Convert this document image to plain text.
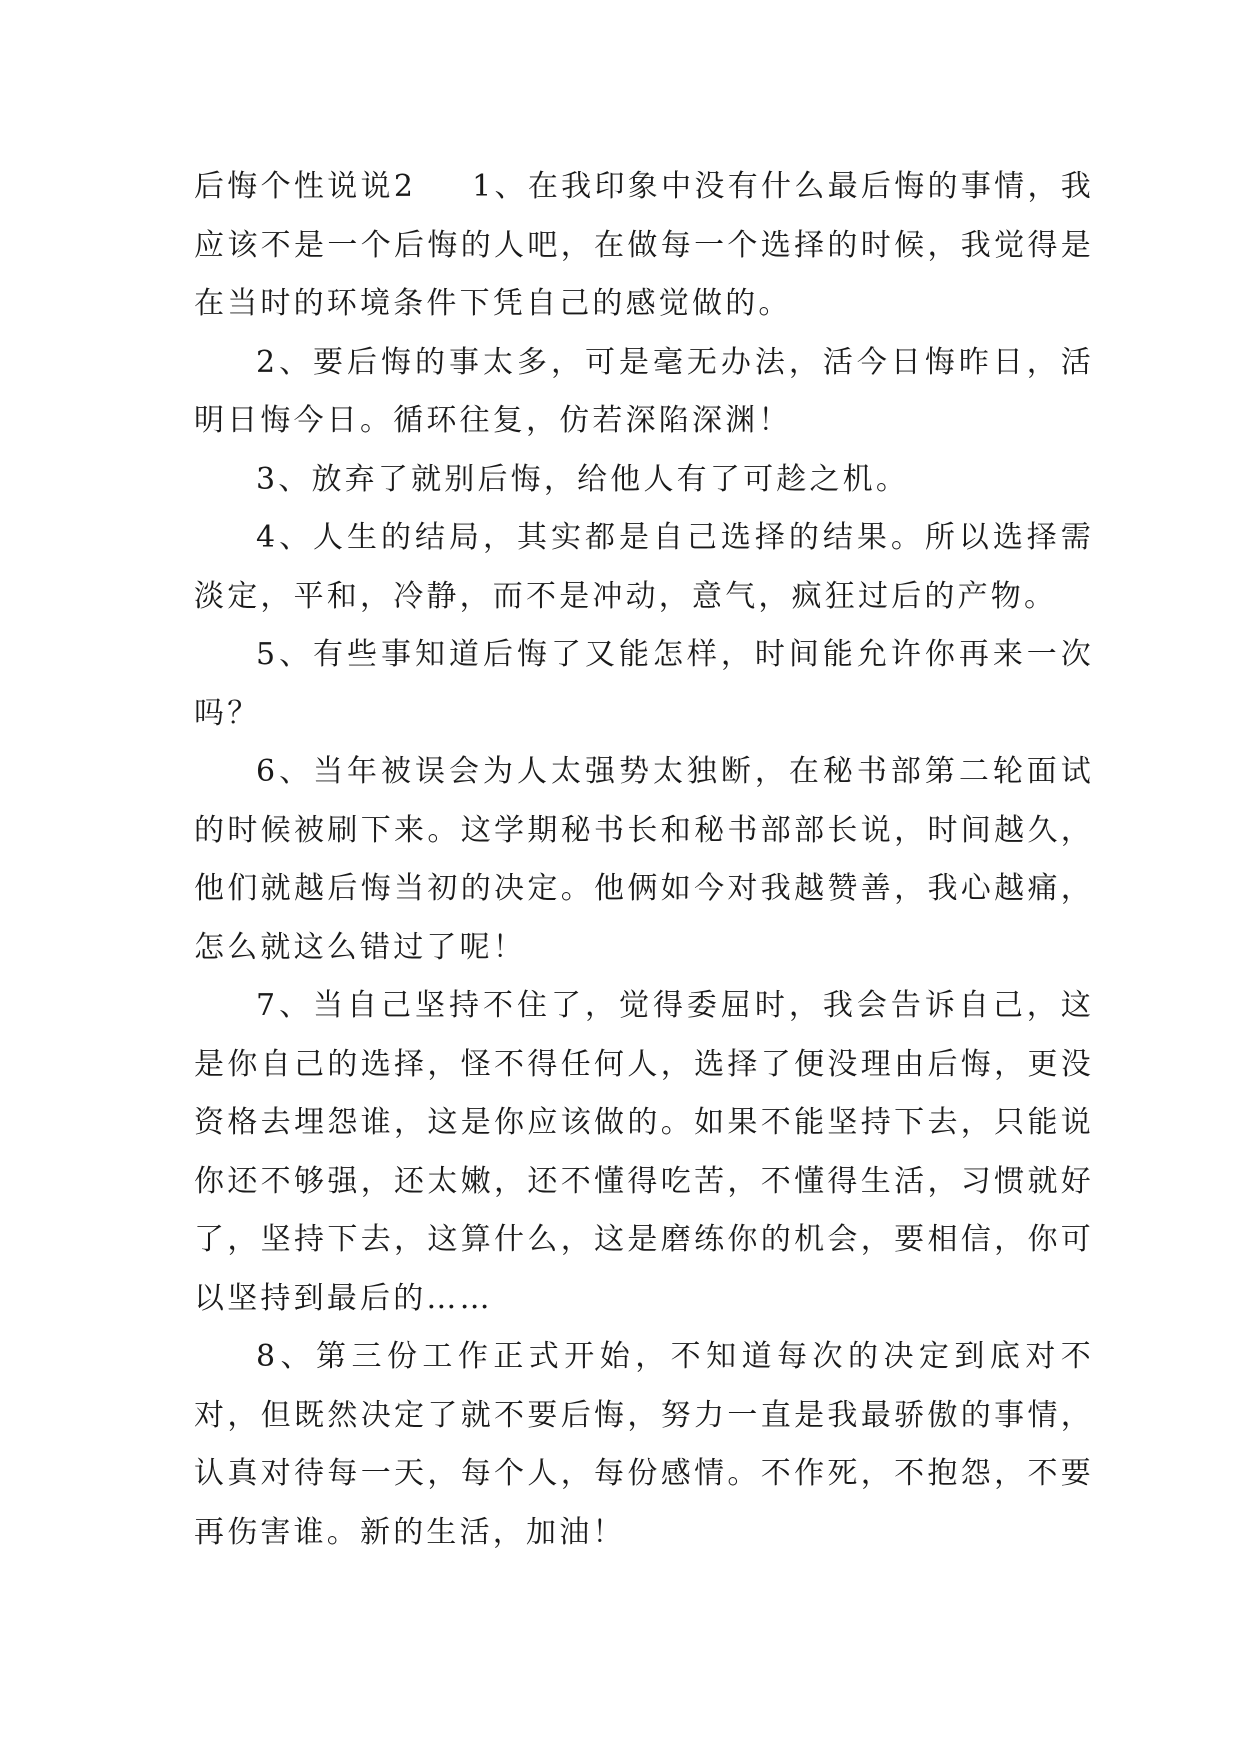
后悔个性说说2 1、在我印象中没有什么最后悔的事情，我应该不是一个后悔的人吧，在做每一个选择的时候，我觉得是在当时的环境条件下凭自己的感觉做的。

2、要后悔的事太多，可是毫无办法，活今日悔昨日，活明日悔今日。循环往复，仿若深陷深渊！

3、放弃了就别后悔，给他人有了可趁之机。

4、人生的结局，其实都是自己选择的结果。所以选择需淡定，平和，冷静，而不是冲动，意气，疯狂过后的产物。

5、有些事知道后悔了又能怎样，时间能允许你再来一次吗？

6、当年被误会为人太强势太独断，在秘书部第二轮面试的时候被刷下来。这学期秘书长和秘书部部长说，时间越久，他们就越后悔当初的决定。他俩如今对我越赞善，我心越痛，怎么就这么错过了呢！

7、当自己坚持不住了，觉得委屈时，我会告诉自己，这是你自己的选择，怪不得任何人，选择了便没理由后悔，更没资格去埋怨谁，这是你应该做的。如果不能坚持下去，只能说你还不够强，还太嫩，还不懂得吃苦，不懂得生活，习惯就好了，坚持下去，这算什么，这是磨练你的机会，要相信，你可以坚持到最后的……

8、第三份工作正式开始，不知道每次的决定到底对不对，但既然决定了就不要后悔，努力一直是我最骄傲的事情，认真对待每一天，每个人，每份感情。不作死，不抱怨，不要再伤害谁。新的生活，加油！
